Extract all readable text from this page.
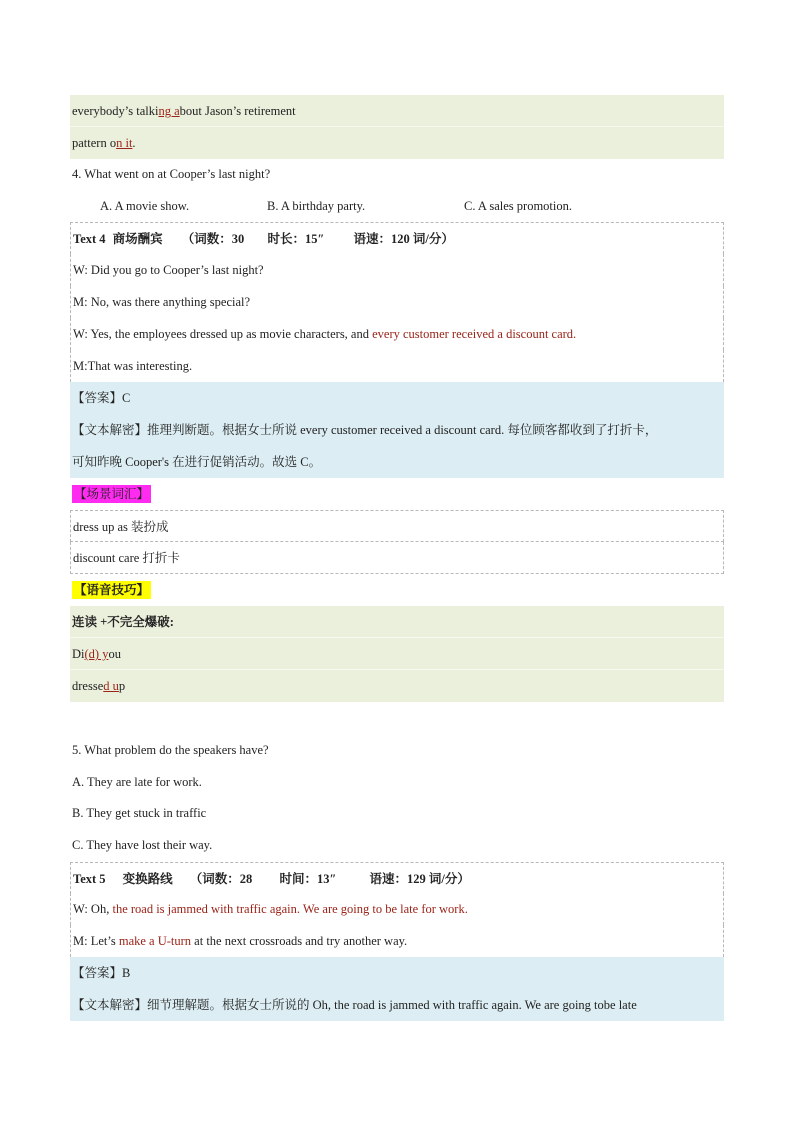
everybody’s talking about Jason’s retirement
pattern on it.
4. What went on at Cooper’s last night?
A. A movie show.	B. A birthday party.	C. A sales promotion.
Text 4 商场酬宾 （词数：30 时长：15″ 语速：120 词/分）
W: Did you go to Cooper’s last night?
M: No, was there anything special?
W: Yes, the employees dressed up as movie characters, and every customer received a discount card.
M:That was interesting.
【答案】C
【文本解密】推理判断题。根据女士所说 every customer received a discount card. 每位顾客都收到了打折卡，
可知昨晚 Cooper's 在进行促销活动。故选 C。
【场景词汇】
dress up as 装扮成
discount care 打折卡
【语音技巧】
连读 +不完全爆破:
Di(d) you
dressed up
5. What problem do the speakers have?
A. They are late for work.
B. They get stuck in traffic
C. They have lost their way.
Text 5 变换路线 （词数：28 时间：13″	语速：129 词/分）
W: Oh, the road is jammed with traffic again. We are going to be late for work.
M: Let’s make a U-turn at the next crossroads and try another way.
【答案】B
【文本解密】细节理解题。根据女士所说的 Oh, the road is jammed with traffic again. We are going tobe late
